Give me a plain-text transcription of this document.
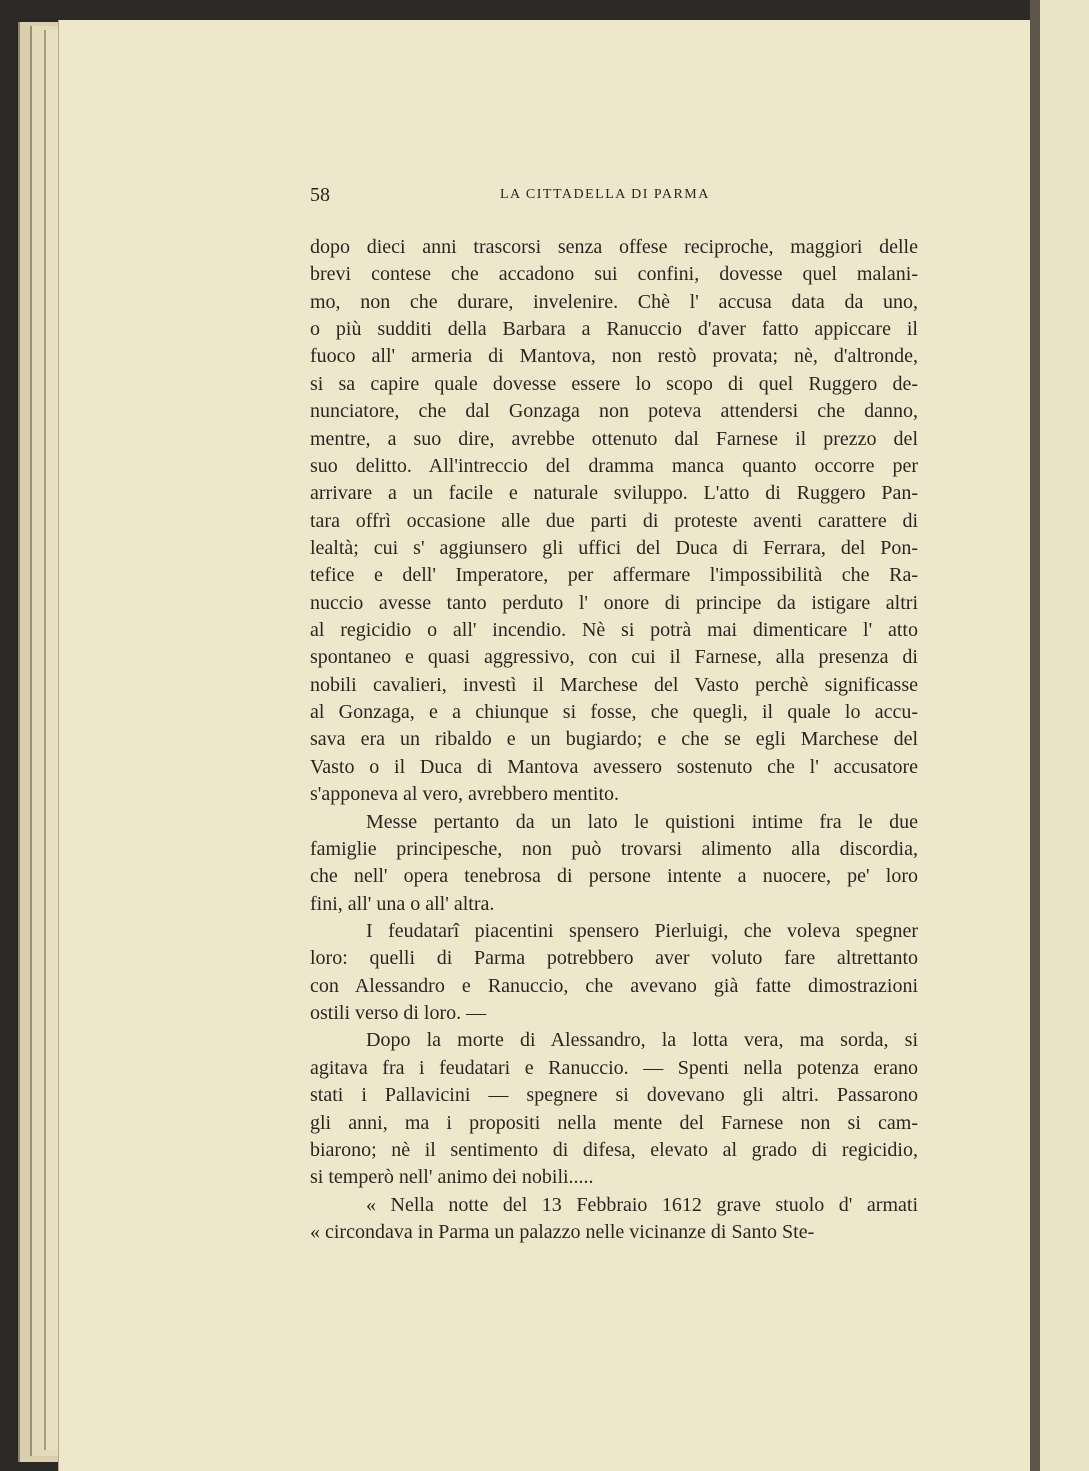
58	LA CITTADELLA DI PARMA
dopo dieci anni trascorsi senza offese reciproche, maggiori delle
brevi contese che accadono sui confini, dovesse quel malani-
mo, non che durare, invelenire. Chè l' accusa data da uno,
o più sudditi della Barbara a Ranuccio d'aver fatto appiccare il
fuoco all' armeria di Mantova, non restò provata; nè, d'altronde,
si sa capire quale dovesse essere lo scopo di quel Ruggero de-
nunciatore, che dal Gonzaga non poteva attendersi che danno,
mentre, a suo dire, avrebbe ottenuto dal Farnese il prezzo del
suo delitto. All'intreccio del dramma manca quanto occorre per
arrivare a un facile e naturale sviluppo. L'atto di Ruggero Pan-
tara offrì occasione alle due parti di proteste aventi carattere di
lealtà; cui s' aggiunsero gli uffici del Duca di Ferrara, del Pon-
tefice e dell' Imperatore, per affermare l'impossibilità che Ra-
nuccio avesse tanto perduto l' onore di principe da istigare altri
al regicidio o all' incendio. Nè si potrà mai dimenticare l' atto
spontaneo e quasi aggressivo, con cui il Farnese, alla presenza di
nobili cavalieri, investì il Marchese del Vasto perchè significasse
al Gonzaga, e a chiunque si fosse, che quegli, il quale lo accu-
sava era un ribaldo e un bugiardo; e che se egli Marchese del
Vasto o il Duca di Mantova avessero sostenuto che l' accusatore
s'apponeva al vero, avrebbero mentito.
Messe pertanto da un lato le quistioni intime fra le due
famiglie principesche, non può trovarsi alimento alla discordia,
che nell' opera tenebrosa di persone intente a nuocere, pe' loro
fini, all' una o all' altra.
I feudatarî piacentini spensero Pierluigi, che voleva spegner
loro: quelli di Parma potrebbero aver voluto fare altrettanto
con Alessandro e Ranuccio, che avevano già fatte dimostrazioni
ostili verso di loro. —
Dopo la morte di Alessandro, la lotta vera, ma sorda, si
agitava fra i feudatari e Ranuccio. — Spenti nella potenza erano
stati i Pallavicini — spegnere si dovevano gli altri. Passarono
gli anni, ma i propositi nella mente del Farnese non si cam-
biarono; nè il sentimento di difesa, elevato al grado di regicidio,
si temperò nell' animo dei nobili.....
« Nella notte del 13 Febbraio 1612 grave stuolo d' armati
« circondava in Parma un palazzo nelle vicinanze di Santo Ste-
